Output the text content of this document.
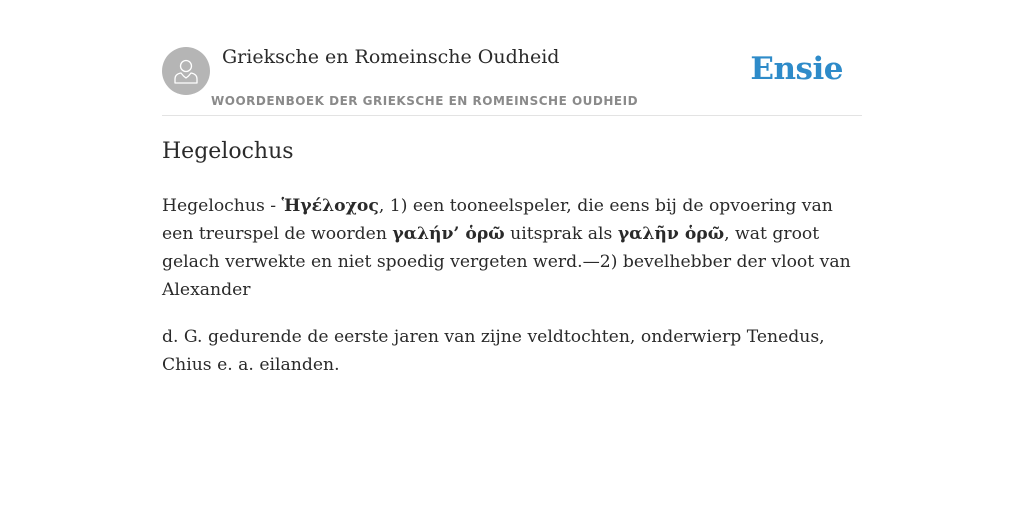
Grieksche en Romeinsche Oudheid
WOORDENBOEK DER GRIEKSCHE EN ROMEINSCHE OUDHEID
Ensie
Hegelochus

Hegelochus - Ἡγέλοχος, 1) een tooneelspeler, die eens bij de opvoering van een treurspel de woorden γαλήν’ ὁρῶ uitsprak als γαλῆν ὁρῶ, wat groot gelach verwekte en niet spoedig vergeten werd.—2) bevelhebber der vloot van Alexander

d. G. gedurende de eerste jaren van zijne veldtochten, onderwierp Tenedus, Chius e. a. eilanden.
